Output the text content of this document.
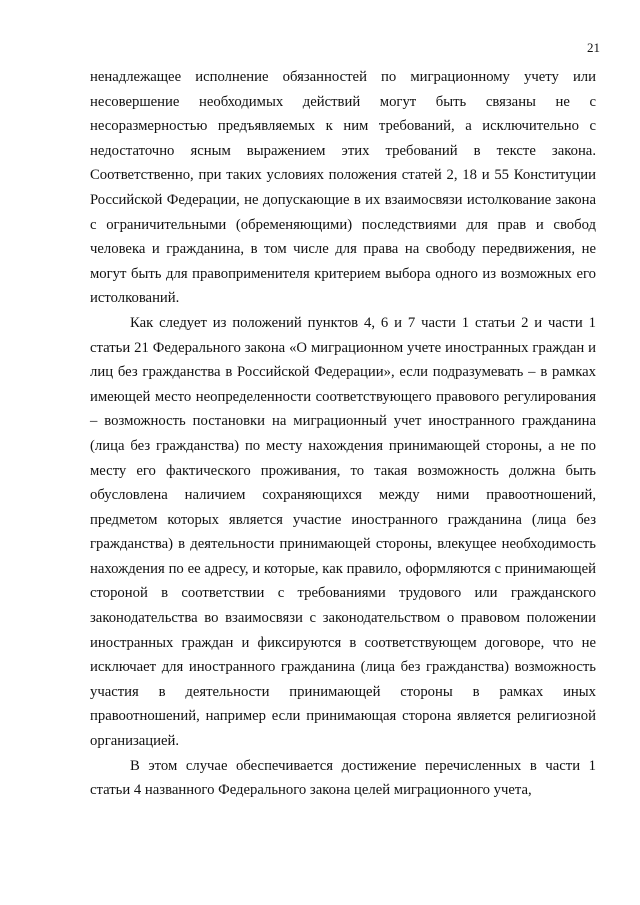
21

ненадлежащее исполнение обязанностей по миграционному учету или несовершение необходимых действий могут быть связаны не с несоразмерностью предъявляемых к ним требований, а исключительно с недостаточно ясным выражением этих требований в тексте закона. Соответственно, при таких условиях положения статей 2, 18 и 55 Конституции Российской Федерации, не допускающие в их взаимосвязи истолкование закона с ограничительными (обременяющими) последствиями для прав и свобод человека и гражданина, в том числе для права на свободу передвижения, не могут быть для правоприменителя критерием выбора одного из возможных его истолкований.

Как следует из положений пунктов 4, 6 и 7 части 1 статьи 2 и части 1 статьи 21 Федерального закона «О миграционном учете иностранных граждан и лиц без гражданства в Российской Федерации», если подразумевать – в рамках имеющей место неопределенности соответствующего правового регулирования – возможность постановки на миграционный учет иностранного гражданина (лица без гражданства) по месту нахождения принимающей стороны, а не по месту его фактического проживания, то такая возможность должна быть обусловлена наличием сохраняющихся между ними правоотношений, предметом которых является участие иностранного гражданина (лица без гражданства) в деятельности принимающей стороны, влекущее необходимость нахождения по ее адресу, и которые, как правило, оформляются с принимающей стороной в соответствии с требованиями трудового или гражданского законодательства во взаимосвязи с законодательством о правовом положении иностранных граждан и фиксируются в соответствующем договоре, что не исключает для иностранного гражданина (лица без гражданства) возможность участия в деятельности принимающей стороны в рамках иных правоотношений, например если принимающая сторона является религиозной организацией.

В этом случае обеспечивается достижение перечисленных в части 1 статьи 4 названного Федерального закона целей миграционного учета,
